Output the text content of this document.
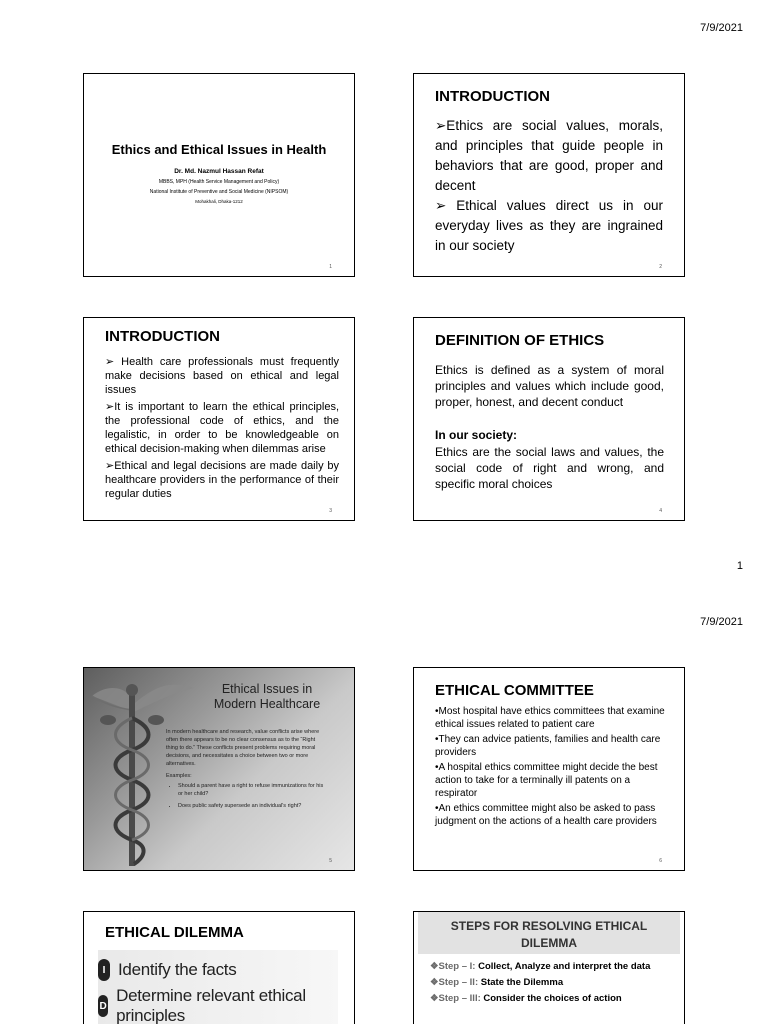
7/9/2021
Ethics and Ethical Issues in Health
Dr. Md. Nazmul Hassan Refat
MBBS, MPH (Health Service Management and Policy)
National Institute of Preventive and Social Medicine (NIPSOM)
Mohakhali, Dhaka-1212
1
INTRODUCTION

➢Ethics are social values, morals, and principles that guide people in behaviors that are good, proper and decent

➢ Ethical values direct us in our everyday lives as they are ingrained in our society

2
INTRODUCTION

➢ Health care professionals must frequently make decisions based on ethical and legal issues

➢It is important to learn the ethical principles, the professional code of ethics, and the legalistic, in order to be knowledgeable on ethical decision-making when dilemmas arise

➢Ethical and legal decisions are made daily by healthcare providers in the performance of their regular duties

3
DEFINITION OF ETHICS
Ethics is defined as a system of moral principles and values which include good, proper, honest, and decent conduct
In our society:
Ethics are the social laws and values, the social code of right and wrong, and specific moral choices
4
1
7/9/2021
Ethical Issues in Modern Healthcare

In modern healthcare and research, value conflicts arise where often there appears to be no clear consensus as to the “Right thing to do.” These conflicts present problems requiring moral decisions, and necessitates a choice between two or more alternatives.

Examples:
• Should a parent have a right to refuse immunizations for his or her child?
• Does public safety supersede an individual's right?
5
ETHICAL COMMITTEE

•Most hospital have ethics committees that examine ethical issues related to patient care

•They can advice patients, families and health care providers

•A hospital ethics committee might decide the best action to take for a terminally ill patents on a respirator

•An ethics committee might also be asked to pass judgment on the actions of a health care providers

6
ETHICAL DILEMMA
I Identify the facts
D
Determine relevant ethical principles
STEPS FOR RESOLVING ETHICAL DILEMMA

❖Step – I: Collect, Analyze and interpret the data

❖Step – II: State the Dilemma

❖Step – III: Consider the choices of action
